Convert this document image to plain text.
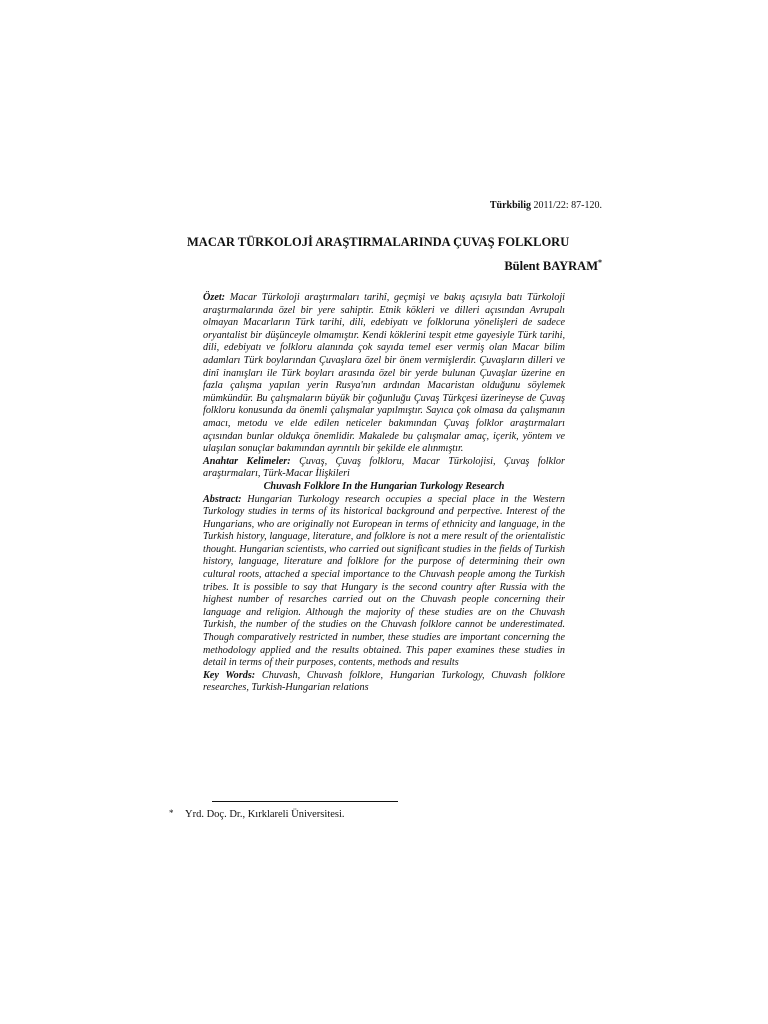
Türkbilig 2011/22: 87-120.
MACAR TÜRKOLOJİ ARAŞTIRMALARINDA ÇUVAŞ FOLKLORU
Bülent BAYRAM*

Özet: Macar Türkoloji araştırmaları tarihî, geçmişi ve bakış açısıyla batı Türkoloji araştırmalarında özel bir yere sahiptir. Etnik kökleri ve dilleri açısından Avrupalı olmayan Macarların Türk tarihi, dili, edebiyatı ve folkloruna yönelişleri de sadece oryantalist bir düşünceyle olmamıştır. Kendi köklerini tespit etme gayesiyle Türk tarihi, dili, edebiyatı ve folkloru alanında çok sayıda temel eser vermiş olan Macar bilim adamları Türk boylarından Çuvaşlara özel bir önem vermişlerdir. Çuvaşların dilleri ve dinî inanışları ile Türk boyları arasında özel bir yerde bulunan Çuvaşlar üzerine en fazla çalışma yapılan yerin Rusya'nın ardından Macaristan olduğunu söylemek mümkündür. Bu çalışmaların büyük bir çoğunluğu Çuvaş Türkçesi üzerineyse de Çuvaş folkloru konusunda da önemli çalışmalar yapılmıştır. Sayıca çok olmasa da çalışmanın amacı, metodu ve elde edilen neticeler bakımından Çuvaş folklor araştırmaları açısından bunlar oldukça önemlidir. Makalede bu çalışmalar amaç, içerik, yöntem ve ulaşılan sonuçlar bakımından ayrıntılı bir şekilde ele alınmıştır.

Anahtar Kelimeler: Çuvaş, Çuvaş folkloru, Macar Türkolojisi, Çuvaş folklor araştırmaları, Türk-Macar İlişkileri

Chuvash Folklore In the Hungarian Turkology Research

Abstract: Hungarian Turkology research occupies a special place in the Western Turkology studies in terms of its historical background and perpective. Interest of the Hungarians, who are originally not European in terms of ethnicity and language, in the Turkish history, language, literature, and folklore is not a mere result of the orientalistic thought. Hungarian scientists, who carried out significant studies in the fields of Turkish history, language, literature and folklore for the purpose of determining their own cultural roots, attached a special importance to the Chuvash people among the Turkish tribes. It is possible to say that Hungary is the second country after Russia with the highest number of resarches carried out on the Chuvash people concerning their language and religion. Although the majority of these studies are on the Chuvash Turkish, the number of the studies on the Chuvash folklore cannot be underestimated. Though comparatively restricted in number, these studies are important concerning the methodology applied and the results obtained. This paper examines these studies in detail in terms of their purposes, contents, methods and results

Key Words: Chuvash, Chuvash folklore, Hungarian Turkology, Chuvash folklore researches, Turkish-Hungarian relations

* Yrd. Doç. Dr., Kırklareli Üniversitesi.
